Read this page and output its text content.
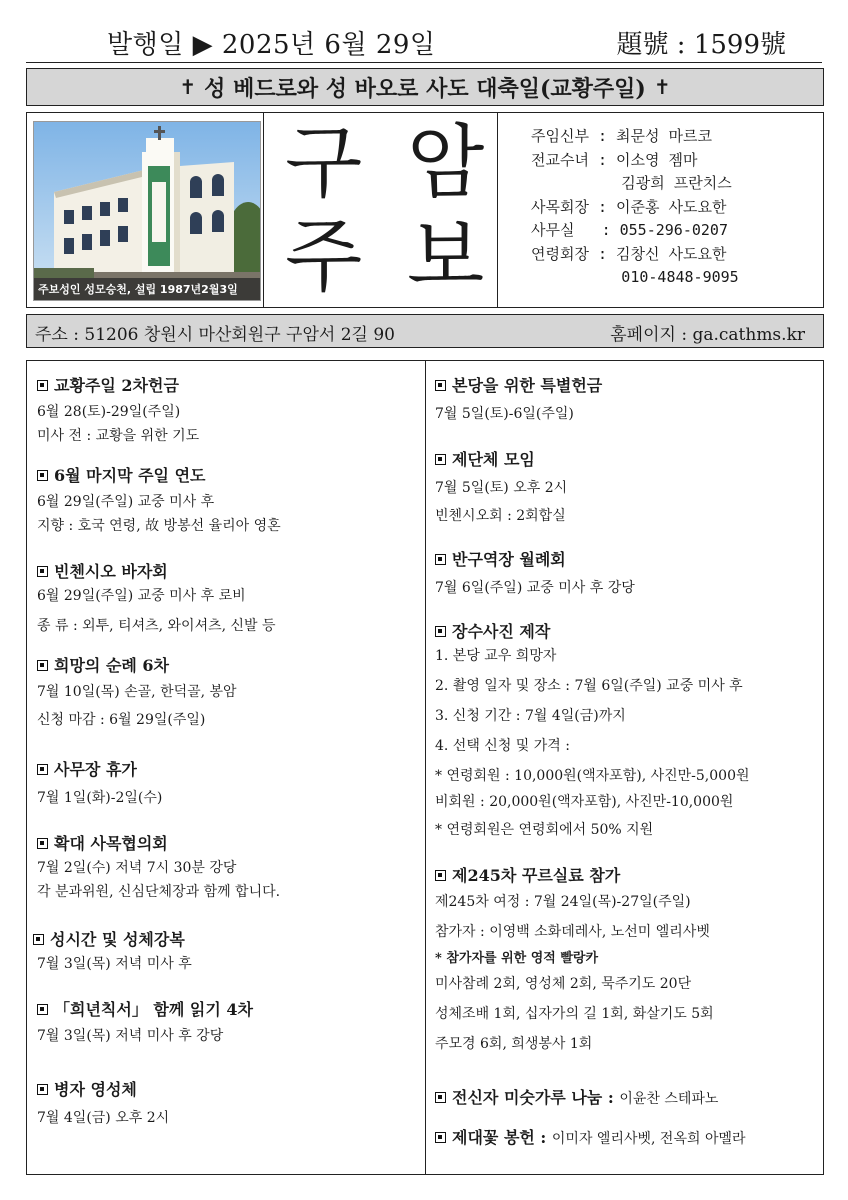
발행일 ▶ 2025년 6월 29일	題號 : 1599號
✝ 성 베드로와 성 바오로 사도 대축일(교황주일) ✝
주보성인 성모승천, 설립 1987년2월3일
구 암
주 보
주임신부 : 최문성 마르코
전교수녀 : 이소영 젬마
김광희 프란치스
사목회장 : 이준홍 사도요한
사무실   : 055-296-0207
연령회장 : 김창신 사도요한
010-4848-9095
주소 : 51206 창원시 마산회원구 구암서 2길 90	홈페이지 : ga.cathms.kr
교황주일 2차헌금
6월 28(토)-29일(주일)
미사 전 : 교황을 위한 기도
6월 마지막 주일 연도
6월 29일(주일) 교중 미사 후
지향 : 호국 연령, 故 방봉선 율리아 영혼
빈첸시오 바자회
6월 29일(주일) 교중 미사 후 로비
종 류 : 외투, 티셔츠, 와이셔츠, 신발 등
희망의 순례 6차
7월 10일(목) 손골, 한덕골, 봉암
신청 마감 : 6월 29일(주일)
사무장 휴가
7월 1일(화)-2일(수)
확대 사목협의회
7월 2일(수) 저녁 7시 30분 강당
각 분과위원, 신심단체장과 함께 합니다.
성시간 및 성체강복
7월 3일(목) 저녁 미사 후
「희년칙서」 함께 읽기 4차
7월 3일(목) 저녁 미사 후 강당
병자 영성체
7월 4일(금) 오후 2시
본당을 위한 특별헌금
7월 5일(토)-6일(주일)
제단체 모임
7월 5일(토) 오후 2시
빈첸시오회 : 2회합실
반구역장 월례회
7월 6일(주일) 교중 미사 후 강당
장수사진 제작
1. 본당 교우 희망자
2. 촬영 일자 및 장소 : 7월 6일(주일) 교중 미사 후
3. 신청 기간 : 7월 4일(금)까지
4. 선택 신청 및 가격 :
* 연령회원 : 10,000원(액자포함), 사진만-5,000원
비회원 : 20,000원(액자포함), 사진만-10,000원
* 연령회원은 연령회에서 50% 지원
제245차 꾸르실료 참가
제245차 여정 : 7월 24일(목)-27일(주일)
참가자 : 이영백 소화데레사, 노선미 엘리사벳
* 참가자를 위한 영적 빨랑카
미사참례 2회, 영성체 2회, 묵주기도 20단
성체조배 1회, 십자가의 길 1회, 화살기도 5회
주모경 6회, 희생봉사 1회
전신자 미숫가루 나눔 : 이윤찬 스테파노
제대꽃 봉헌 : 이미자 엘리사벳, 전옥희 아멜라
